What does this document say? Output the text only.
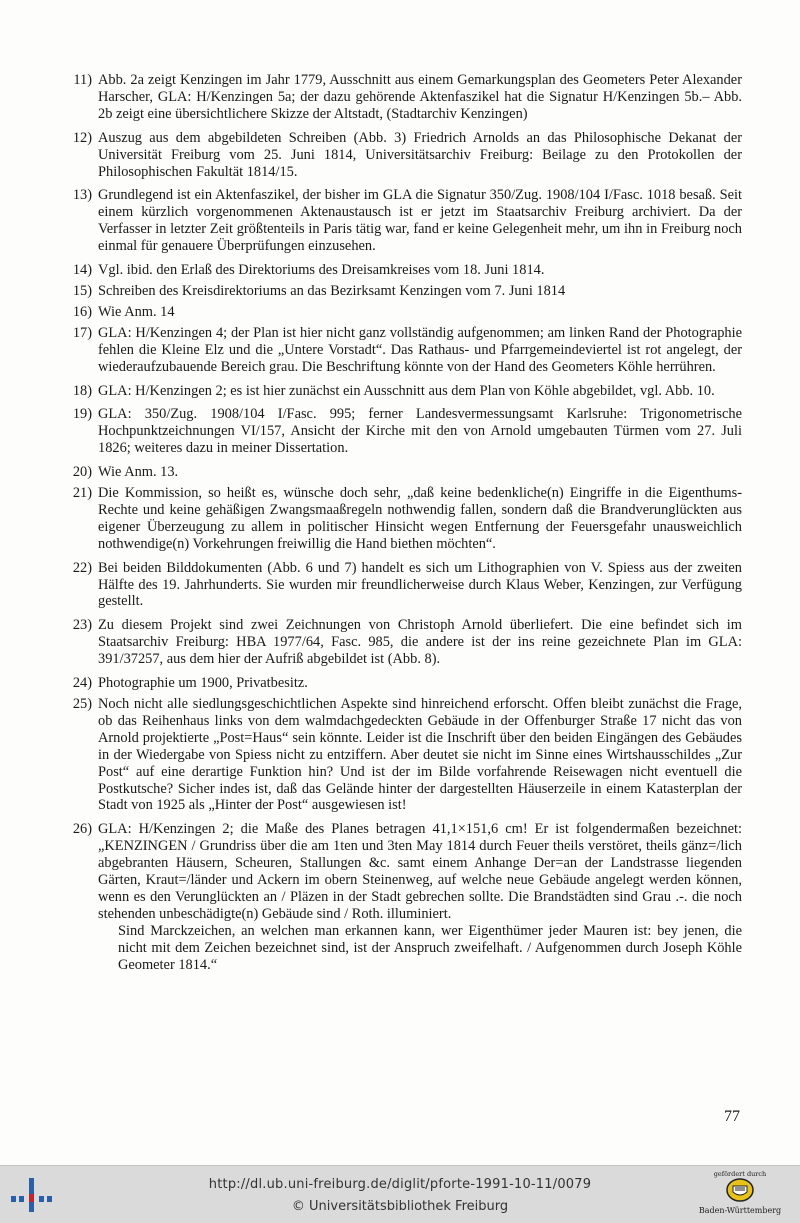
11) Abb. 2a zeigt Kenzingen im Jahr 1779, Ausschnitt aus einem Gemarkungsplan des Geometers Peter Alexander Harscher, GLA: H/Kenzingen 5a; der dazu gehörende Aktenfaszikel hat die Signatur H/Kenzingen 5b.– Abb. 2b zeigt eine übersichtlichere Skizze der Altstadt, (Stadtarchiv Kenzingen)

12) Auszug aus dem abgebildeten Schreiben (Abb. 3) Friedrich Arnolds an das Philosophische Dekanat der Universität Freiburg vom 25. Juni 1814, Universitätsarchiv Freiburg: Beilage zu den Protokollen der Philosophischen Fakultät 1814/15.

13) Grundlegend ist ein Aktenfaszikel, der bisher im GLA die Signatur 350/Zug. 1908/104 I/Fasc. 1018 besaß. Seit einem kürzlich vorgenommenen Aktenaustausch ist er jetzt im Staatsarchiv Freiburg archiviert. Da der Verfasser in letzter Zeit größtenteils in Paris tätig war, fand er keine Gelegenheit mehr, um ihn in Freiburg noch einmal für genauere Überprüfungen einzusehen.

14) Vgl. ibid. den Erlaß des Direktoriums des Dreisamkreises vom 18. Juni 1814.

15) Schreiben des Kreisdirektoriums an das Bezirksamt Kenzingen vom 7. Juni 1814

16) Wie Anm. 14

17) GLA: H/Kenzingen 4; der Plan ist hier nicht ganz vollständig aufgenommen; am linken Rand der Photographie fehlen die Kleine Elz und die „Untere Vorstadt“. Das Rathaus- und Pfarrgemeindeviertel ist rot angelegt, der wiederaufzubauende Bereich grau. Die Beschriftung könnte von der Hand des Geometers Köhle herrühren.

18) GLA: H/Kenzingen 2; es ist hier zunächst ein Ausschnitt aus dem Plan von Köhle abgebildet, vgl. Abb. 10.

19) GLA: 350/Zug. 1908/104 I/Fasc. 995; ferner Landesvermessungsamt Karlsruhe: Trigonometrische Hochpunktzeichnungen VI/157, Ansicht der Kirche mit den von Arnold umgebauten Türmen vom 27. Juli 1826; weiteres dazu in meiner Dissertation.

20) Wie Anm. 13.

21) Die Kommission, so heißt es, wünsche doch sehr, „daß keine bedenkliche(n) Eingriffe in die Eigenthums-Rechte und keine gehäßigen Zwangsmaaßregeln nothwendig fallen, sondern daß die Brandverunglückten aus eigener Überzeugung zu allem in politischer Hinsicht wegen Entfernung der Feuersgefahr unausweichlich nothwendige(n) Vorkehrungen freiwillig die Hand biethen möchten“.

22) Bei beiden Bilddokumenten (Abb. 6 und 7) handelt es sich um Lithographien von V. Spiess aus der zweiten Hälfte des 19. Jahrhunderts. Sie wurden mir freundlicherweise durch Klaus Weber, Kenzingen, zur Verfügung gestellt.

23) Zu diesem Projekt sind zwei Zeichnungen von Christoph Arnold überliefert. Die eine befindet sich im Staatsarchiv Freiburg: HBA 1977/64, Fasc. 985, die andere ist der ins reine gezeichnete Plan im GLA: 391/37257, aus dem hier der Aufriß abgebildet ist (Abb. 8).

24) Photographie um 1900, Privatbesitz.

25) Noch nicht alle siedlungsgeschichtlichen Aspekte sind hinreichend erforscht. Offen bleibt zunächst die Frage, ob das Reihenhaus links von dem walmdachgedeckten Gebäude in der Offenburger Straße 17 nicht das von Arnold projektierte „Post=Haus“ sein könnte. Leider ist die Inschrift über den beiden Eingängen des Gebäudes in der Wiedergabe von Spiess nicht zu entziffern. Aber deutet sie nicht im Sinne eines Wirtshausschildes „Zur Post“ auf eine derartige Funktion hin? Und ist der im Bilde vorfahrende Reisewagen nicht eventuell die Postkutsche? Sicher indes ist, daß das Gelände hinter der dargestellten Häuserzeile in einem Katasterplan der Stadt von 1925 als „Hinter der Post“ ausgewiesen ist!

26) GLA: H/Kenzingen 2; die Maße des Planes betragen 41,1×151,6 cm! Er ist folgendermaßen bezeichnet: „KENZINGEN / Grundriss über die am 1ten und 3ten May 1814 durch Feuer theils verstöret, theils gänz=/lich abgebranten Häusern, Scheuren, Stallungen &c. samt einem Anhange Der=an der Landstrasse liegenden Gärten, Kraut=/länder und Ackern im obern Steinenweg, auf welche neue Gebäude angelegt werden können, wenn es den Verunglückten an / Pläzen in der Stadt gebrechen sollte. Die Brandstädten sind Grau .-. die noch stehenden unbeschädigte(n) Gebäude sind / Roth. illuminiert.

Sind Marckzeichen, an welchen man erkannen kann, wer Eigenthümer jeder Mauren ist: bey jenen, die nicht mit dem Zeichen bezeichnet sind, ist der Anspruch zweifelhaft. / Aufgenommen durch Joseph Köhle Geometer 1814.“

77
http://dl.ub.uni-freiburg.de/diglit/pforte-1991-10-11/0079
© Universitätsbibliothek Freiburg
gefördert durch
Baden-Württemberg
